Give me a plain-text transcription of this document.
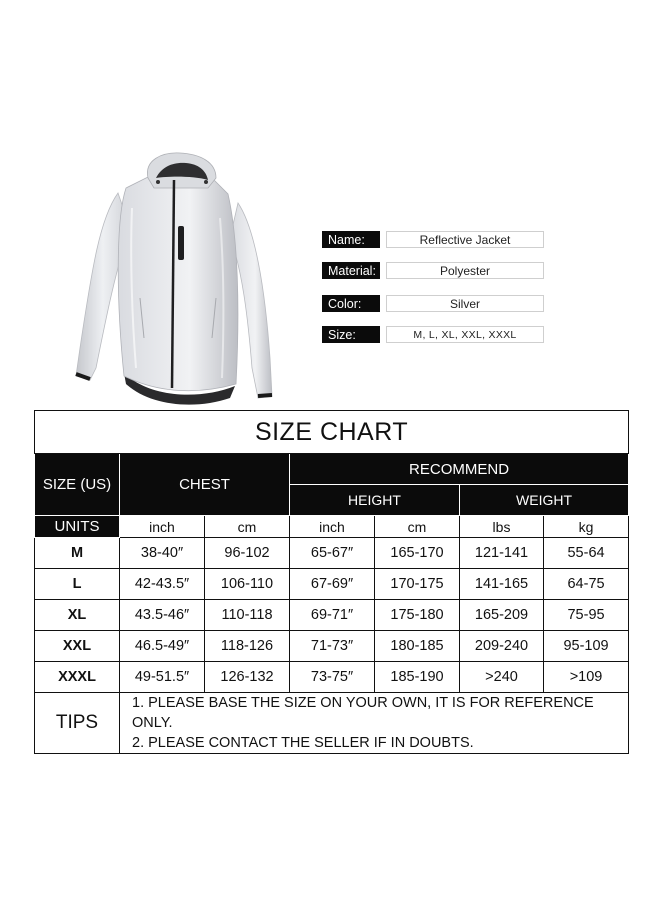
Name:	Reflective Jacket
Material:	Polyester
Color:	Silver
Size:	M, L, XL, XXL, XXXL
SIZE CHART						
SIZE (US)	CHEST		RECOMMEND			
			HEIGHT		WEIGHT	
UNITS	inch	cm	inch	cm	lbs	kg
M	38-40″	96-102	65-67″	165-170	121-141	55-64
L	42-43.5″	106-110	67-69″	170-175	141-165	64-75
XL	43.5-46″	110-118	69-71″	175-180	165-209	75-95
XXL	46.5-49″	118-126	71-73″	180-185	209-240	95-109
XXXL	49-51.5″	126-132	73-75″	185-190	>240	>109
TIPS	1. PLEASE BASE THE SIZE ON YOUR OWN, IT IS FOR REFERENCE ONLY.
2. PLEASE CONTACT THE SELLER IF IN DOUBTS.					
